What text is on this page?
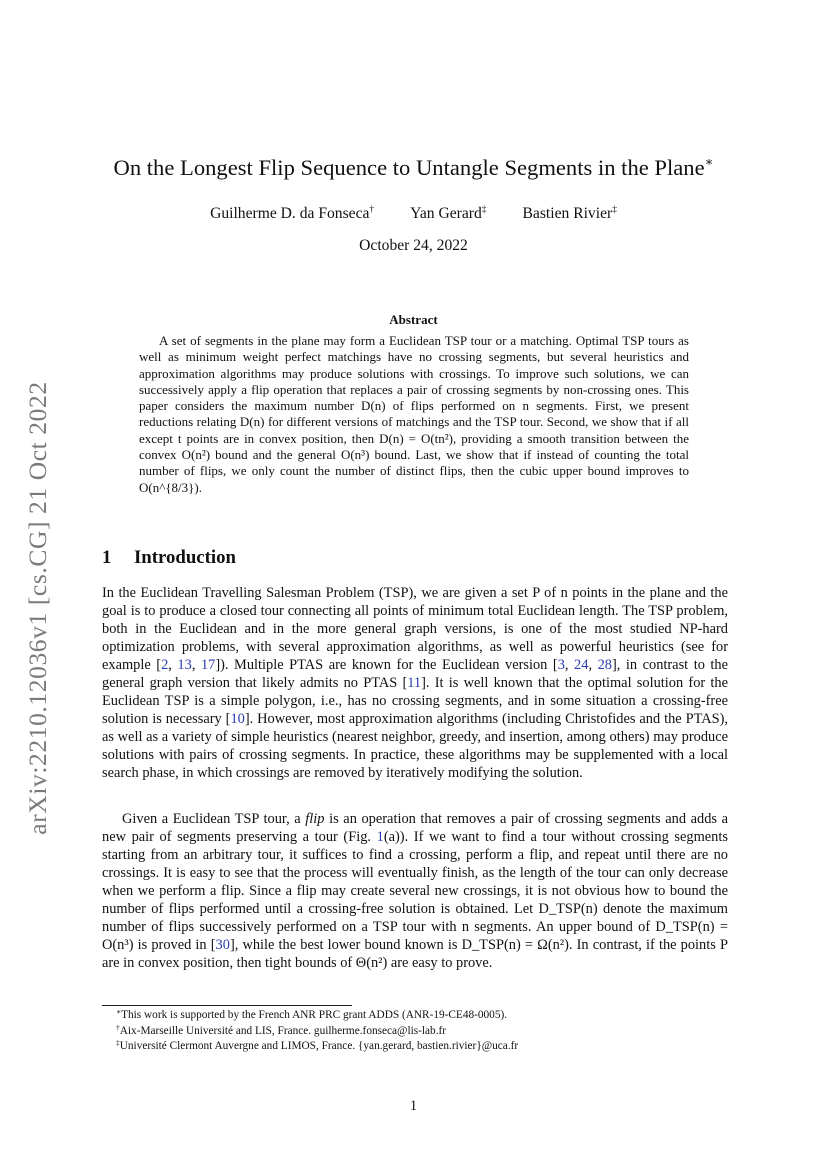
arXiv:2210.12036v1 [cs.CG] 21 Oct 2022
On the Longest Flip Sequence to Untangle Segments in the Plane∗
Guilherme D. da Fonseca† Yan Gerard‡ Bastien Rivier‡
October 24, 2022
Abstract

A set of segments in the plane may form a Euclidean TSP tour or a matching. Optimal TSP tours as well as minimum weight perfect matchings have no crossing segments, but several heuristics and approximation algorithms may produce solutions with crossings. To improve such solutions, we can successively apply a flip operation that replaces a pair of crossing segments by non-crossing ones. This paper considers the maximum number D(n) of flips performed on n segments. First, we present reductions relating D(n) for different versions of matchings and the TSP tour. Second, we show that if all except t points are in convex position, then D(n) = O(tn²), providing a smooth transition between the convex O(n²) bound and the general O(n³) bound. Last, we show that if instead of counting the total number of flips, we only count the number of distinct flips, then the cubic upper bound improves to O(n^{8/3}).

1 Introduction

In the Euclidean Travelling Salesman Problem (TSP), we are given a set P of n points in the plane and the goal is to produce a closed tour connecting all points of minimum total Euclidean length. The TSP problem, both in the Euclidean and in the more general graph versions, is one of the most studied NP-hard optimization problems, with several approximation algorithms, as well as powerful heuristics (see for example [2, 13, 17]). Multiple PTAS are known for the Euclidean version [3, 24, 28], in contrast to the general graph version that likely admits no PTAS [11]. It is well known that the optimal solution for the Euclidean TSP is a simple polygon, i.e., has no crossing segments, and in some situation a crossing-free solution is necessary [10]. However, most approximation algorithms (including Christofides and the PTAS), as well as a variety of simple heuristics (nearest neighbor, greedy, and insertion, among others) may produce solutions with pairs of crossing segments. In practice, these algorithms may be supplemented with a local search phase, in which crossings are removed by iteratively modifying the solution.

Given a Euclidean TSP tour, a flip is an operation that removes a pair of crossing segments and adds a new pair of segments preserving a tour (Fig. 1(a)). If we want to find a tour without crossing segments starting from an arbitrary tour, it suffices to find a crossing, perform a flip, and repeat until there are no crossings. It is easy to see that the process will eventually finish, as the length of the tour can only decrease when we perform a flip. Since a flip may create several new crossings, it is not obvious how to bound the number of flips performed until a crossing-free solution is obtained. Let D_TSP(n) denote the maximum number of flips successively performed on a TSP tour with n segments. An upper bound of D_TSP(n) = O(n³) is proved in [30], while the best lower bound known is D_TSP(n) = Ω(n²). In contrast, if the points P are in convex position, then tight bounds of Θ(n²) are easy to prove.

∗This work is supported by the French ANR PRC grant ADDS (ANR-19-CE48-0005).
†Aix-Marseille Université and LIS, France. guilherme.fonseca@lis-lab.fr
‡Université Clermont Auvergne and LIMOS, France. {yan.gerard, bastien.rivier}@uca.fr
1
